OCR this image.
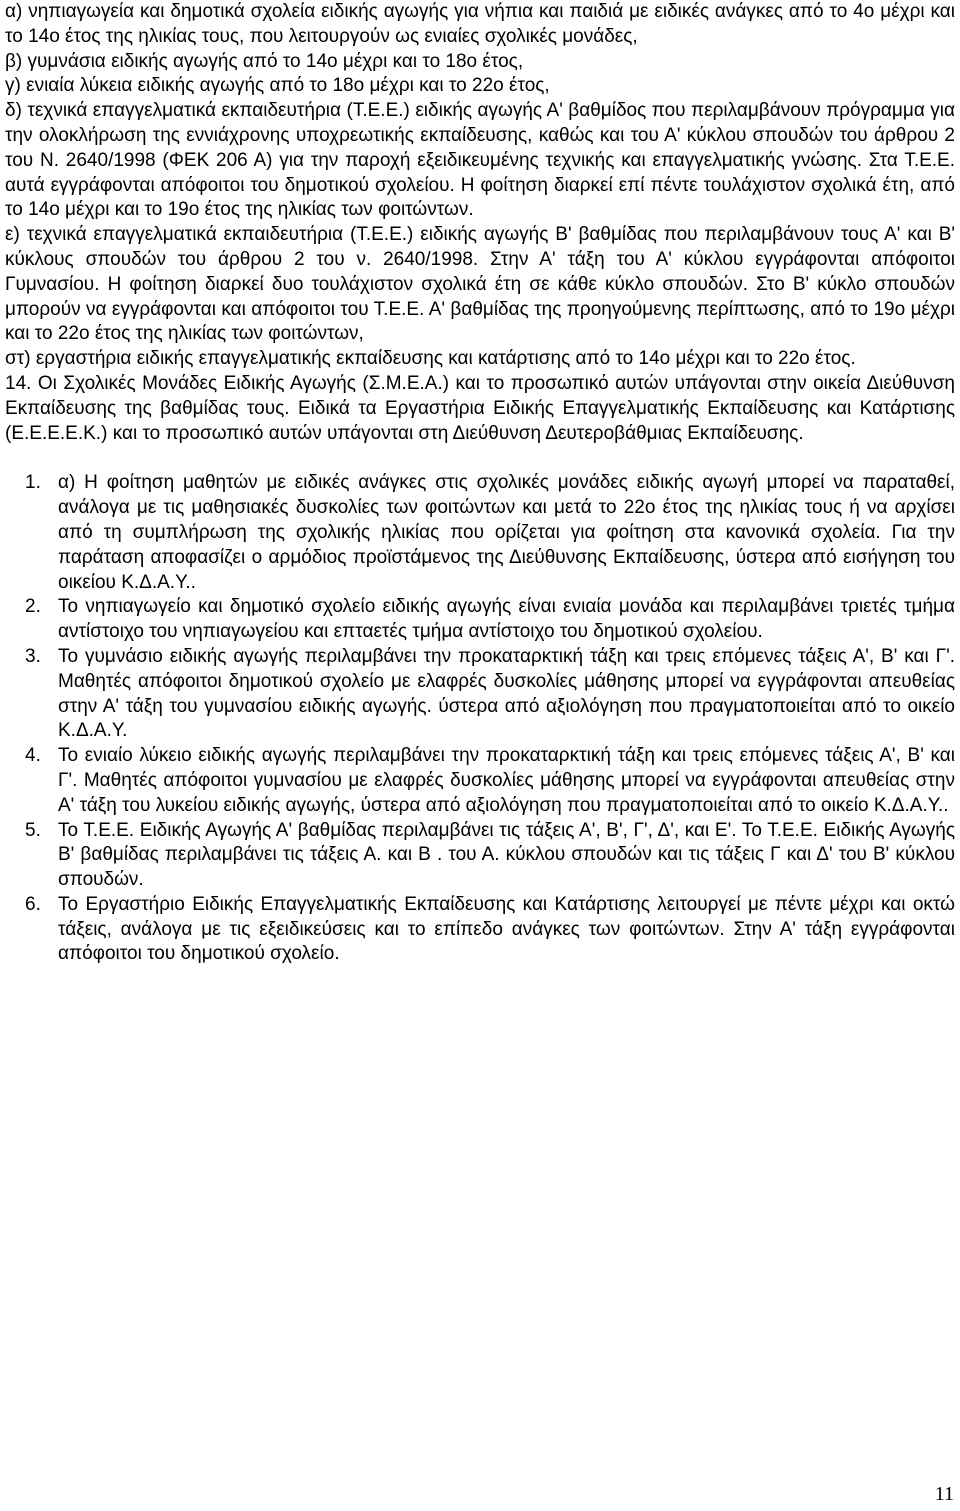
α) νηπιαγωγεία και δημοτικά σχολεία ειδικής αγωγής για νήπια και παιδιά με ειδικές ανάγκες από το 4ο μέχρι και το 14ο έτος της ηλικίας τους, που λειτουργούν ως ενιαίες σχολικές μονάδες,

β) γυμνάσια ειδικής αγωγής από το 14ο μέχρι και το 18ο έτος,

γ) ενιαία λύκεια ειδικής αγωγής από το 18ο μέχρι και το 22ο έτος,

δ) τεχνικά επαγγελματικά εκπαιδευτήρια (Τ.Ε.Ε.) ειδικής αγωγής Α' βαθμίδος που περιλαμβάνουν πρόγραμμα για την ολοκλήρωση της εννιάχρονης υποχρεωτικής εκπαίδευσης, καθώς και του Α' κύκλου σπουδών του άρθρου 2 του Ν. 2640/1998 (ΦΕΚ 206 Α) για την παροχή εξειδικευμένης τεχνικής και επαγγελματικής γνώσης. Στα Τ.Ε.Ε. αυτά εγγράφονται απόφοιτοι του δημοτικού σχολείου. Η φοίτηση διαρκεί επί πέντε τουλάχιστον σχολικά έτη, από το 14ο μέχρι και το 19ο έτος της ηλικίας των φοιτώντων.

ε) τεχνικά επαγγελματικά εκπαιδευτήρια (Τ.Ε.Ε.) ειδικής αγωγής Β' βαθμίδας που περιλαμβάνουν τους Α' και Β' κύκλους σπουδών του άρθρου 2 του ν. 2640/1998. Στην Α' τάξη του Α' κύκλου εγγράφονται απόφοιτοι Γυμνασίου. Η φοίτηση διαρκεί δυο τουλάχιστον σχολικά έτη σε κάθε κύκλο σπουδών. Στο Β' κύκλο σπουδών μπορούν να εγγράφονται και απόφοιτοι του Τ.Ε.Ε. Α' βαθμίδας της προηγούμενης περίπτωσης, από το 19ο μέχρι και το 22ο έτος της ηλικίας των φοιτώντων,

στ) εργαστήρια ειδικής επαγγελματικής εκπαίδευσης και κατάρτισης από το 14ο μέχρι και το 22ο έτος.

14. Οι Σχολικές Μονάδες Ειδικής Αγωγής (Σ.Μ.Ε.Α.) και το προσωπικό αυτών υπάγονται στην οικεία Διεύθυνση Εκπαίδευσης της βαθμίδας τους. Ειδικά τα Εργαστήρια Ειδικής Επαγγελματικής Εκπαίδευσης και Κατάρτισης (Ε.Ε.Ε.Ε.Κ.) και το προσωπικό αυτών υπάγονται στη Διεύθυνση Δευτεροβάθμιας Εκπαίδευσης.

1. α) Η φοίτηση μαθητών με ειδικές ανάγκες στις σχολικές μονάδες ειδικής αγωγή μπορεί να παραταθεί, ανάλογα με τις μαθησιακές δυσκολίες των φοιτώντων και μετά το 22ο έτος της ηλικίας τους ή να αρχίσει από τη συμπλήρωση της σχολικής ηλικίας που ορίζεται για φοίτηση στα κανονικά σχολεία. Για την παράταση αποφασίζει ο αρμόδιος προϊστάμενος της Διεύθυνσης Εκπαίδευσης, ύστερα από εισήγηση του οικείου Κ.Δ.Α.Υ..
2. Το νηπιαγωγείο και δημοτικό σχολείο ειδικής αγωγής είναι ενιαία μονάδα και περιλαμβάνει τριετές τμήμα αντίστοιχο του νηπιαγωγείου και επταετές τμήμα αντίστοιχο του δημοτικού σχολείου.
3. Το γυμνάσιο ειδικής αγωγής περιλαμβάνει την προκαταρκτική τάξη και τρεις επόμενες τάξεις Α', Β' και Γ'. Μαθητές απόφοιτοι δημοτικού σχολείο με ελαφρές δυσκολίες μάθησης μπορεί να εγγράφονται απευθείας στην Α' τάξη του γυμνασίου ειδικής αγωγής. ύστερα από αξιολόγηση που πραγματοποιείται από το οικείο Κ.Δ.Α.Υ.
4. Το ενιαίο λύκειο ειδικής αγωγής περιλαμβάνει την προκαταρκτική τάξη και τρεις επόμενες τάξεις Α', Β' και Γ'. Μαθητές απόφοιτοι γυμνασίου με ελαφρές δυσκολίες μάθησης μπορεί να εγγράφονται απευθείας στην Α' τάξη του λυκείου ειδικής αγωγής, ύστερα από αξιολόγηση που πραγματοποιείται από το οικείο Κ.Δ.Α.Υ..
5. Το Τ.Ε.Ε. Ειδικής Αγωγής Α' βαθμίδας περιλαμβάνει τις τάξεις Α', Β', Γ', Δ', και Ε'. Το Τ.Ε.Ε. Ειδικής Αγωγής Β' βαθμίδας περιλαμβάνει τις τάξεις Α. και Β . του Α. κύκλου σπουδών και τις τάξεις Γ και Δ' του Β' κύκλου σπουδών.
6. Το Εργαστήριο Ειδικής Επαγγελματικής Εκπαίδευσης και Κατάρτισης λειτουργεί με πέντε μέχρι και οκτώ τάξεις, ανάλογα με τις εξειδικεύσεις και το επίπεδο ανάγκες των φοιτώντων. Στην Α' τάξη εγγράφονται απόφοιτοι του δημοτικού σχολείο.
11
